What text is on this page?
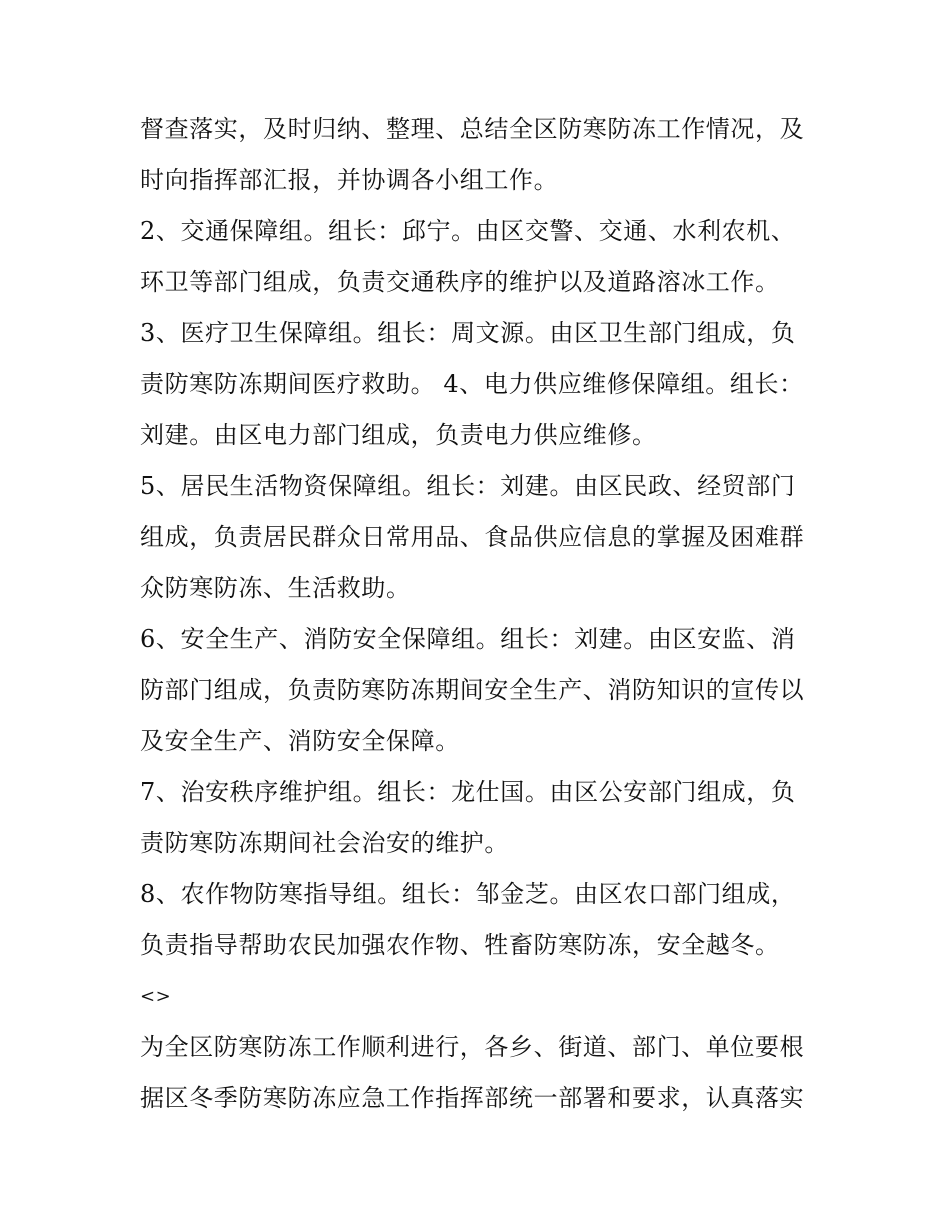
督查落实，及时归纳、整理、总结全区防寒防冻工作情况，及
时向指挥部汇报，并协调各小组工作。
2、交通保障组。组长：邱宁。由区交警、交通、水利农机、
环卫等部门组成，负责交通秩序的维护以及道路溶冰工作。
3、医疗卫生保障组。组长：周文源。由区卫生部门组成，负
责防寒防冻期间医疗救助。 4、电力供应维修保障组。组长：
刘建。由区电力部门组成，负责电力供应维修。
5、居民生活物资保障组。组长：刘建。由区民政、经贸部门
组成，负责居民群众日常用品、食品供应信息的掌握及困难群
众防寒防冻、生活救助。
6、安全生产、消防安全保障组。组长：刘建。由区安监、消
防部门组成，负责防寒防冻期间安全生产、消防知识的宣传以
及安全生产、消防安全保障。
7、治安秩序维护组。组长：龙仕国。由区公安部门组成，负
责防寒防冻期间社会治安的维护。
8、农作物防寒指导组。组长：邹金芝。由区农口部门组成，
负责指导帮助农民加强农作物、牲畜防寒防冻，安全越冬。
<>
为全区防寒防冻工作顺利进行，各乡、街道、部门、单位要根
据区冬季防寒防冻应急工作指挥部统一部署和要求，认真落实
